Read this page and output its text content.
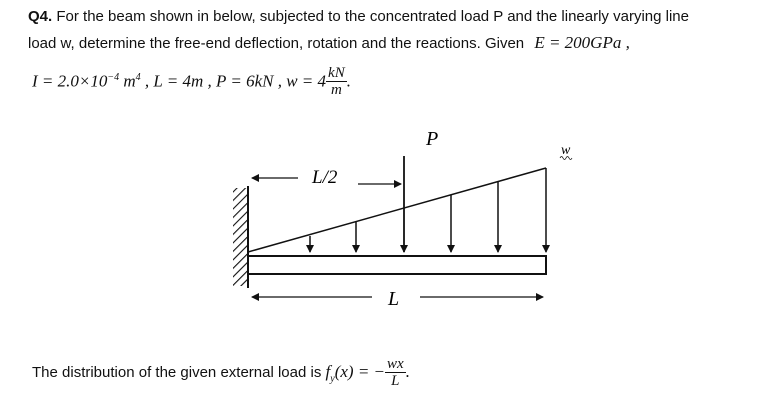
Q4. For the beam shown in below, subjected to the concentrated load P and the linearly varying line
load w, determine the free-end deflection, rotation and the reactions. Given E = 200GPa ,
$I = 2.0\times 10^{-4}$ $m^4$ , L = 4m , P = 6kN , $w = 4 \frac{kN}{m}$ .
L/2
P
w
L
The distribution of the given external load is $f_y(x)$ = − $\frac{wx}{L}$ .
